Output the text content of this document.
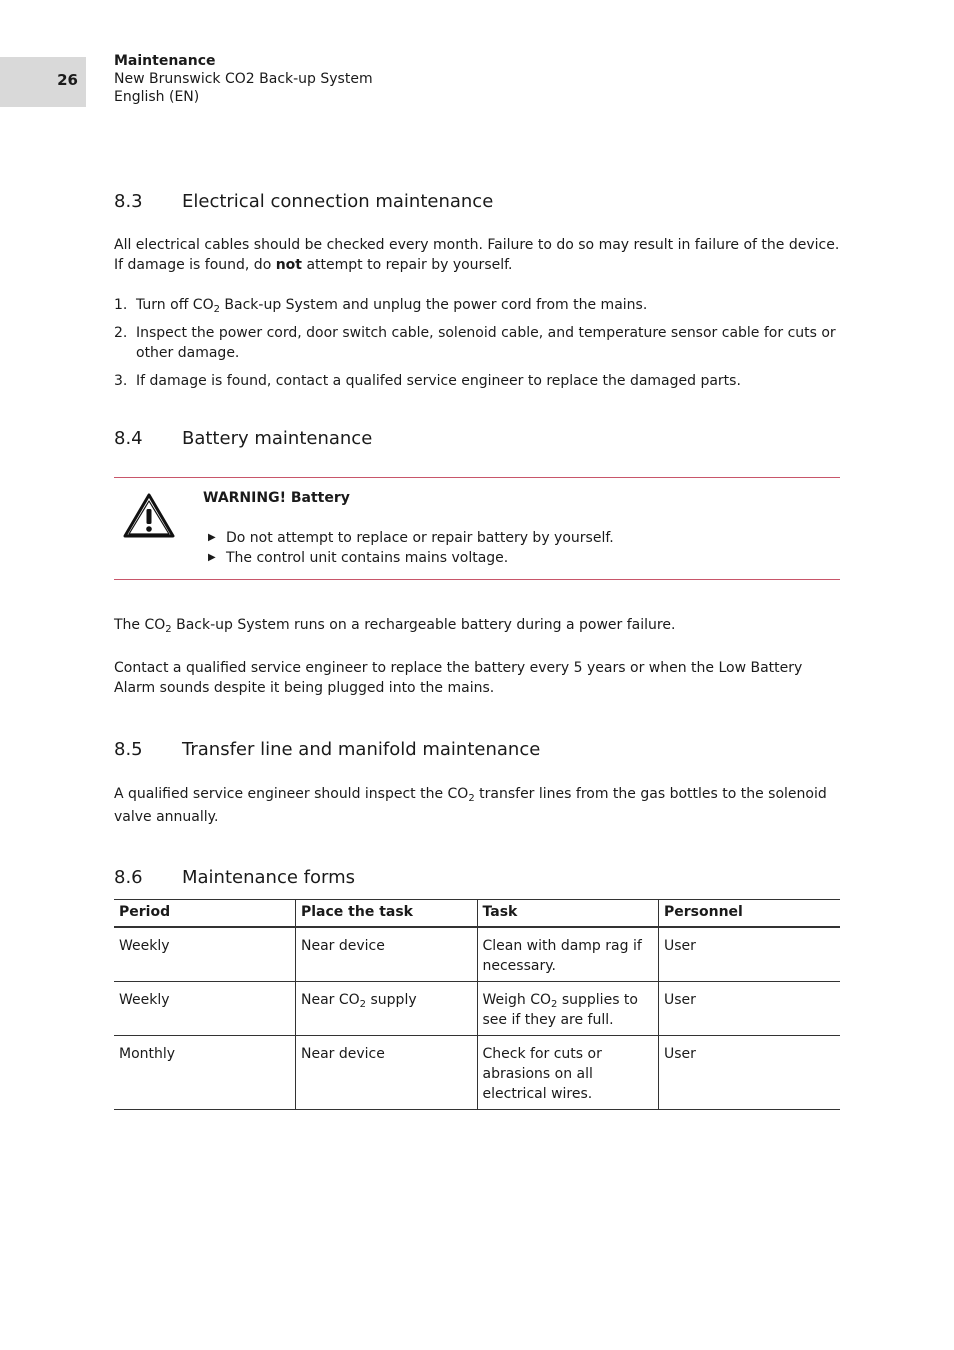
26
Maintenance
New Brunswick CO2 Back-up System
English (EN)
8.3 Electrical connection maintenance
All electrical cables should be checked every month. Failure to do so may result in failure of the device. If damage is found, do not attempt to repair by yourself.
1. Turn off $CO_2$ Back-up System and unplug the power cord from the mains.
2. Inspect the power cord, door switch cable, solenoid cable, and temperature sensor cable for cuts or other damage.
3. If damage is found, contact a qualifed service engineer to replace the damaged parts.
8.4 Battery maintenance
WARNING! Battery
▶ Do not attempt to replace or repair battery by yourself.
▶ The control unit contains mains voltage.
The $CO_2$ Back-up System runs on a rechargeable battery during a power failure.
Contact a qualified service engineer to replace the battery every 5 years or when the Low Battery Alarm sounds despite it being plugged into the mains.
8.5 Transfer line and manifold maintenance
A qualified service engineer should inspect the $CO_2$ transfer lines from the gas bottles to the solenoid valve annually.
8.6 Maintenance forms
Period	Place the task	Task	Personnel
Weekly	Near device	Clean with damp rag if necessary.	User
Weekly	Near $CO_2$ supply	Weigh $CO_2$ supplies to see if they are full.	User
Monthly	Near device	Check for cuts or abrasions on all electrical wires.	User
